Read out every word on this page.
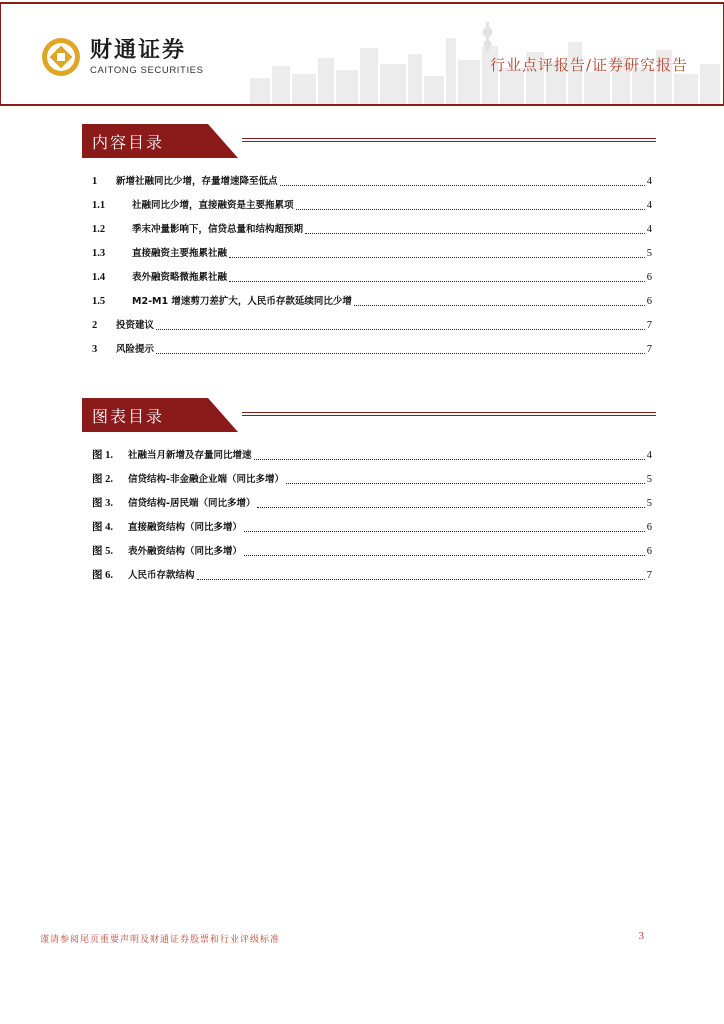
财通证券
CAITONG SECURITIES	行业点评报告/证券研究报告
内容目录
1	新增社融同比少增，存量增速降至低点	4
1.1	社融同比少增，直接融资是主要拖累项	4
1.2	季末冲量影响下，信贷总量和结构超预期	4
1.3	直接融资主要拖累社融	5
1.4	表外融资略微拖累社融	6
1.5	M2-M1 增速剪刀差扩大，人民币存款延续同比少增	6
2	投资建议	7
3	风险提示	7
图表目录
图 1.	社融当月新增及存量同比增速	4
图 2.	信贷结构-非金融企业端（同比多增）	5
图 3.	信贷结构-居民端（同比多增）	5
图 4.	直接融资结构（同比多增）	6
图 5.	表外融资结构（同比多增）	6
图 6.	人民币存款结构	7
谨请参阅尾页重要声明及财通证券股票和行业评级标准	3
